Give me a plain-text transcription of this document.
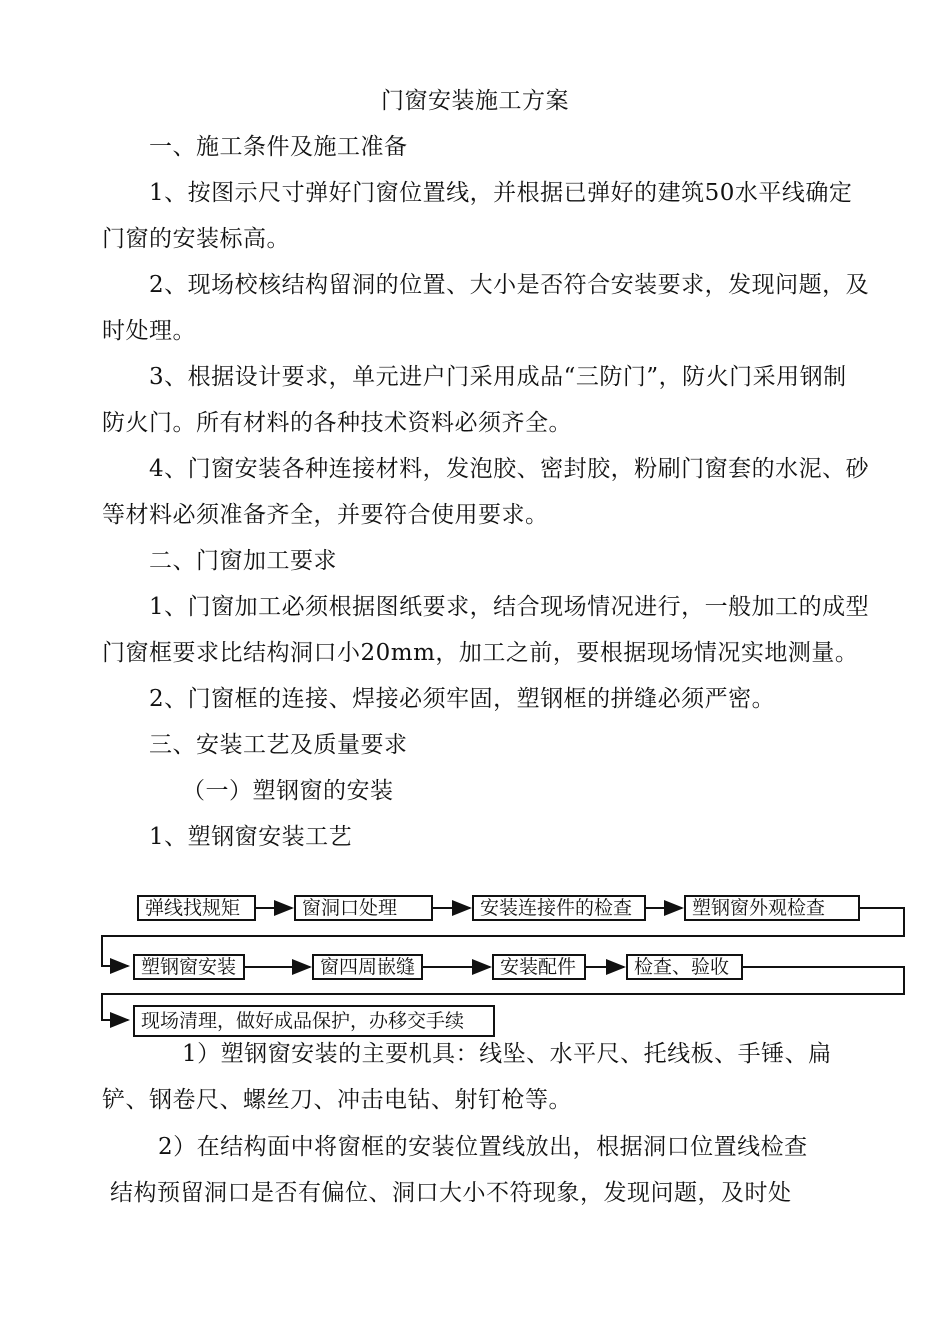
门窗安装施工方案
一、施工条件及施工准备
1、按图示尺寸弹好门窗位置线，并根据已弹好的建筑50水平线确定
门窗的安装标高。
2、现场校核结构留洞的位置、大小是否符合安装要求，发现问题，及
时处理。
3、根据设计要求，单元进户门采用成品“三防门”，防火门采用钢制
防火门。所有材料的各种技术资料必须齐全。
4、门窗安装各种连接材料，发泡胶、密封胶，粉刷门窗套的水泥、砂
等材料必须准备齐全，并要符合使用要求。
二、门窗加工要求
1、门窗加工必须根据图纸要求，结合现场情况进行，一般加工的成型
门窗框要求比结构洞口小20mm，加工之前，要根据现场情况实地测量。
2、门窗框的连接、焊接必须牢固，塑钢框的拼缝必须严密。
三、安装工艺及质量要求
（一）塑钢窗的安装
1、塑钢窗安装工艺
弹线找规矩	窗洞口处理	安装连接件的检查	塑钢窗外观检查
塑钢窗安装	窗四周嵌缝	安装配件	检查、验收
现场清理，做好成品保护，办移交手续
1）塑钢窗安装的主要机具：线坠、水平尺、托线板、手锤、扁
铲、钢卷尺、螺丝刀、冲击电钻、射钉枪等。
2）在结构面中将窗框的安装位置线放出，根据洞口位置线检查
结构预留洞口是否有偏位、洞口大小不符现象，发现问题，及时处
